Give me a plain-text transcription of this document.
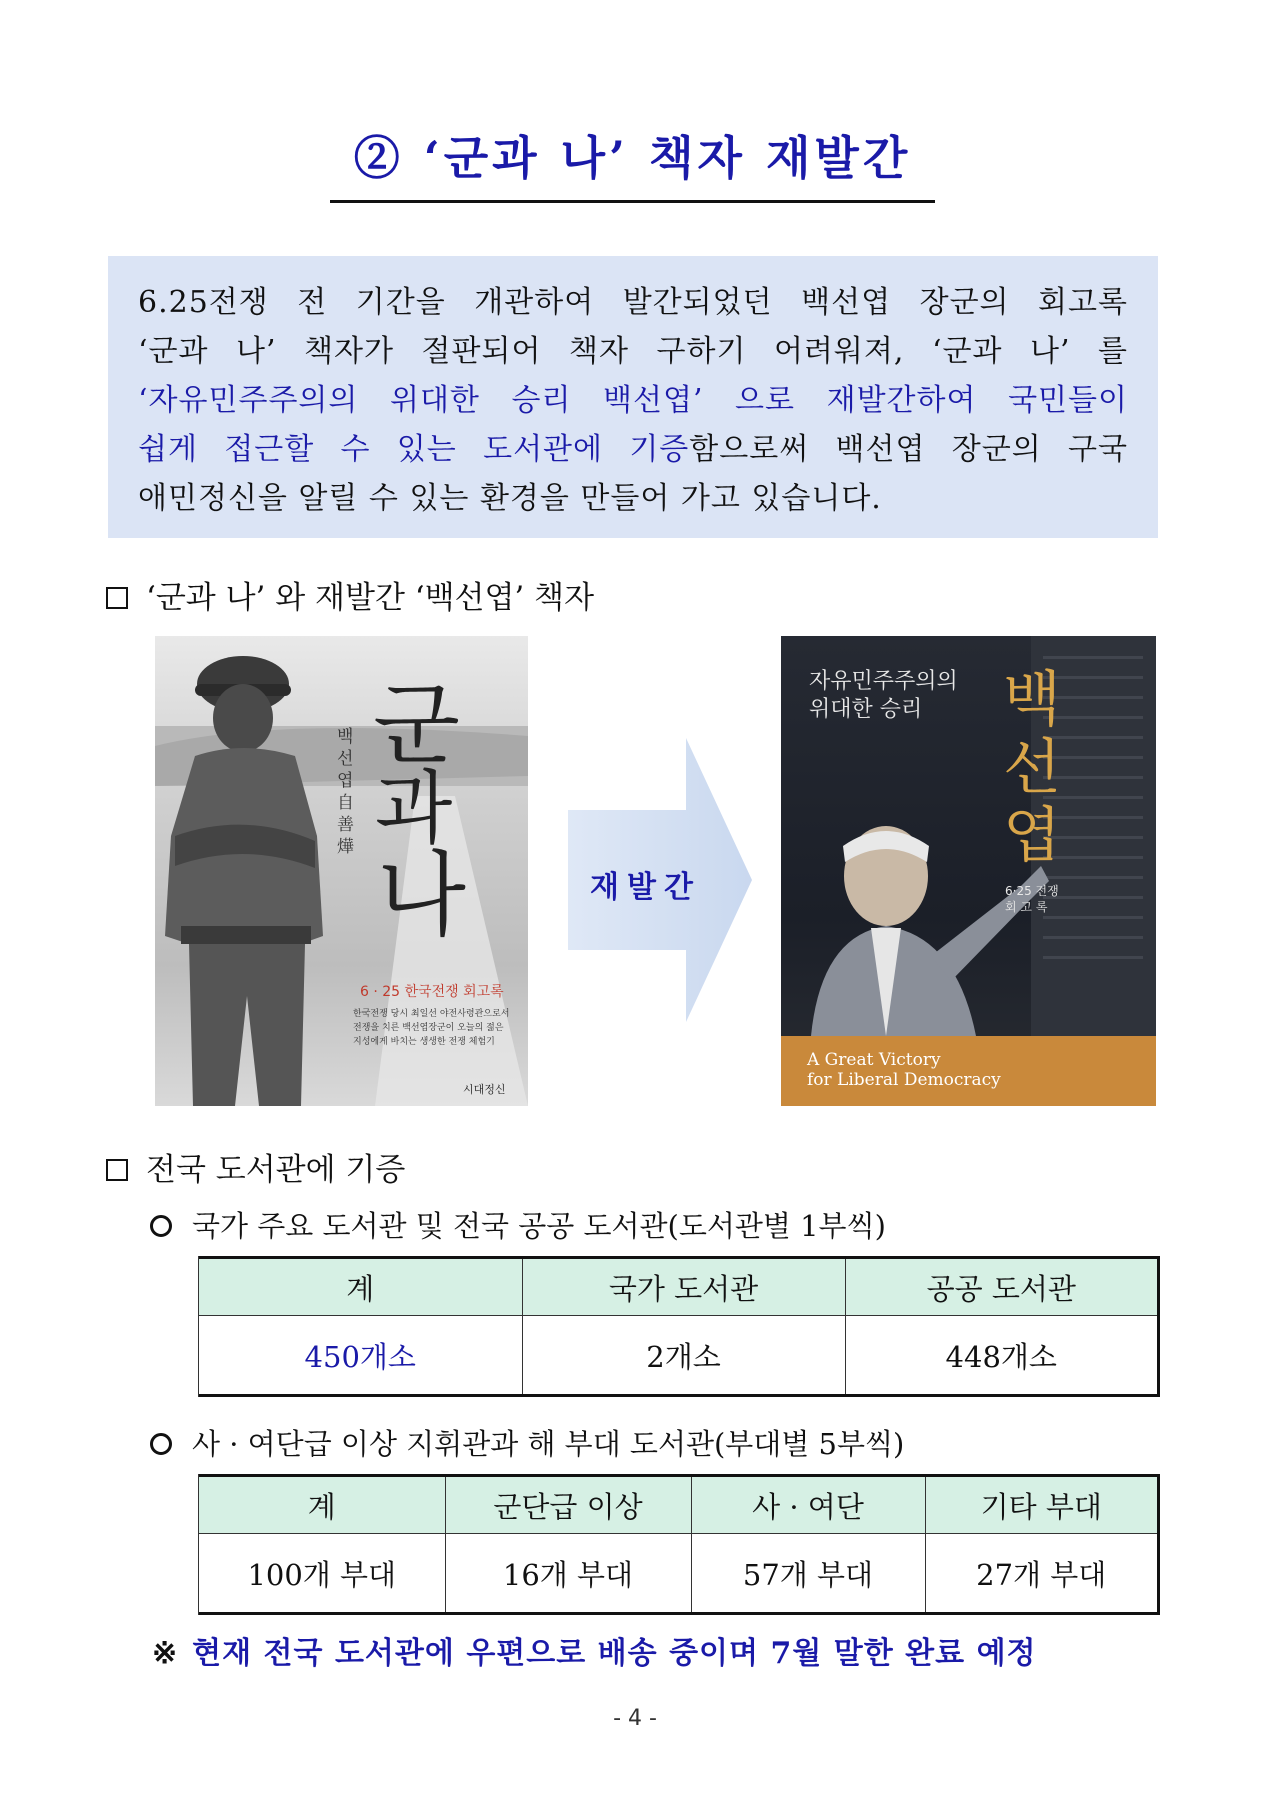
② ‘군과 나’ 책자 재발간

6.25전쟁 전 기간을 개관하여 발간되었던 백선엽 장군의 회고록

‘군과 나’ 책자가 절판되어 책자 구하기 어려워져, ‘군과 나’ 를

‘자유민주주의의 위대한 승리 백선엽’ 으로 재발간하여 국민들이

쉽게 접근할 수 있는 도서관에 기증함으로써 백선엽 장군의 구국

애민정신을 알릴 수 있는 환경을 만들어 가고 있습니다.

‘군과 나’ 와 재발간 ‘백선엽’ 책자
군
과
나
백선엽自善燁
6 · 25 한국전쟁 회고록
한국전쟁 당시 최일선 야전사령관으로서
전쟁을 치른 백선엽장군이 오늘의 젊은
지성에게 바치는 생생한 전쟁 체험기
시대정신
재발간
자유민주주의의
위대한 승리 백
선
엽
6·25 전쟁
회 고 록
A Great Victory
for Liberal Democracy
전국 도서관에 기증
국가 주요 도서관 및 전국 공공 도서관(도서관별 1부씩)
계	국가 도서관	공공 도서관
450개소	2개소	448개소
사 · 여단급 이상 지휘관과 해 부대 도서관(부대별 5부씩)
계	군단급 이상	사 · 여단	기타 부대
100개 부대	16개 부대	57개 부대	27개 부대
※ 현재 전국 도서관에 우편으로 배송 중이며 7월 말한 완료 예정
- 4 -
